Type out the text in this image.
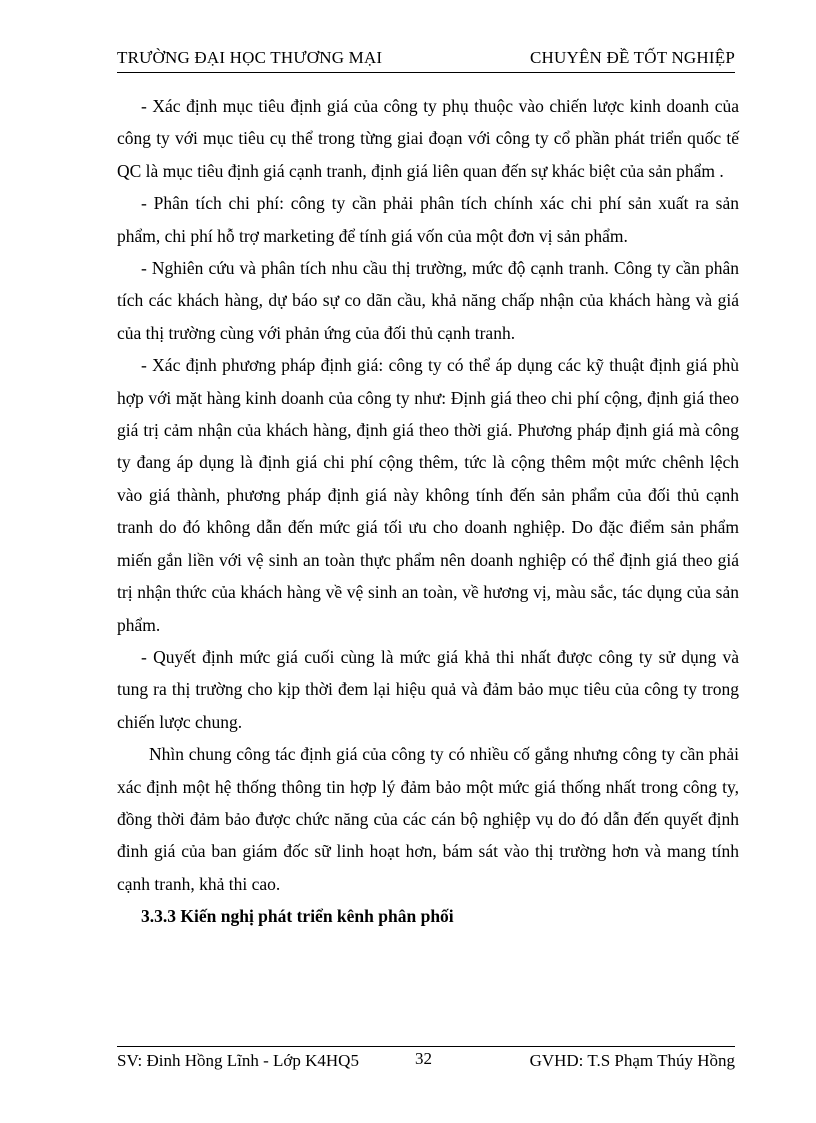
TRƯỜNG ĐẠI HỌC THƯƠNG MẠI	CHUYÊN ĐỀ TỐT NGHIỆP

- Xác định mục tiêu định giá của công ty phụ thuộc vào chiến lược kinh doanh của công ty với mục tiêu cụ thể trong từng giai đoạn với công ty cổ phần phát triển quốc tế QC là mục tiêu định giá cạnh tranh, định giá liên quan đến sự khác biệt của sản phẩm .

- Phân tích chi phí: công ty cần phải phân tích chính xác chi phí sản xuất ra sản phẩm, chi phí hỗ trợ marketing để tính giá vốn của một đơn vị sản phẩm.

- Nghiên cứu và phân tích nhu cầu thị trường, mức độ cạnh tranh. Công ty cần phân tích các khách hàng, dự báo sự co dãn cầu, khả năng chấp nhận của khách hàng và giá của thị trường cùng với phản ứng của đối thủ cạnh tranh.

- Xác định phương pháp định giá: công ty có thể áp dụng các kỹ thuật định giá phù hợp với mặt hàng kinh doanh của công ty như: Định giá theo chi phí cộng, định giá theo giá trị cảm nhận của khách hàng, định giá theo thời giá. Phương pháp định giá mà công ty đang áp dụng là định giá chi phí cộng thêm, tức là cộng thêm một mức chênh lệch vào giá thành, phương pháp định giá này không tính đến sản phẩm của đối thủ cạnh tranh do đó không dẫn đến mức giá tối ưu cho doanh nghiệp. Do đặc điểm sản phẩm miến gắn liền với vệ sinh an toàn thực phẩm nên doanh nghiệp có thể định giá theo giá trị nhận thức của khách hàng về vệ sinh an toàn, về hương vị, màu sắc, tác dụng của sản phẩm.

- Quyết định mức giá cuối cùng là mức giá khả thi nhất được công ty sử dụng và tung ra thị trường cho kịp thời đem lại hiệu quả và đảm bảo mục tiêu của công ty trong chiến lược chung.

Nhìn chung công tác định giá của công ty có nhiều cố gắng nhưng công ty cần phải xác định một hệ thống thông tin hợp lý đảm bảo một mức giá thống nhất trong công ty, đồng thời đảm bảo được chức năng của các cán bộ nghiệp vụ do đó dẫn đến quyết định đinh giá của ban giám đốc sữ linh hoạt hơn, bám sát vào thị trường hơn và mang tính cạnh tranh, khả thi cao.

3.3.3 Kiến nghị phát triển kênh phân phối

SV: Đinh Hồng Lĩnh - Lớp K4HQ5	32	GVHD: T.S Phạm Thúy Hồng
